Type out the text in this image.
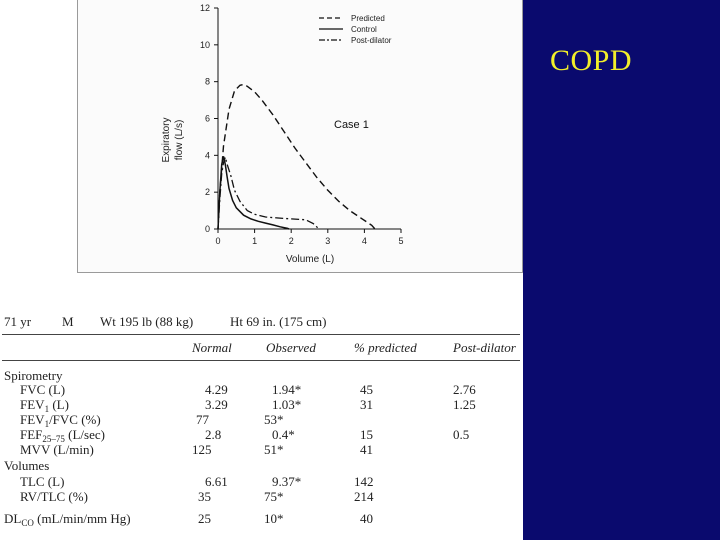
COPD
0	1	2	3	4	5
0
2
4
6
8
10
12
Predicted
Control
Post-dilator
Case 1
Volume (L)
Expiratory flow (L/s)
71 yr M Wt 195 lb (88 kg)	Ht 69 in. (175 cm)
Normal	Observed	% predicted	Post-dilator
Spirometry
FVC (L)	4.29	1.94*	45	2.76
$FEV_1$ (L)	3.29	1.03*	31	1.25
$FEV_1$/FVC (%)	77	53*
$FEF_{25-75}$ (L/sec)	2.8	0.4*	15	0.5
MVV (L/min)	125	51*	41
Volumes
TLC (L)	6.61	9.37*	142
RV/TLC (%)	35	75*	214
$DL_{CO}$ (mL/min/mm Hg)	25	10*	40
